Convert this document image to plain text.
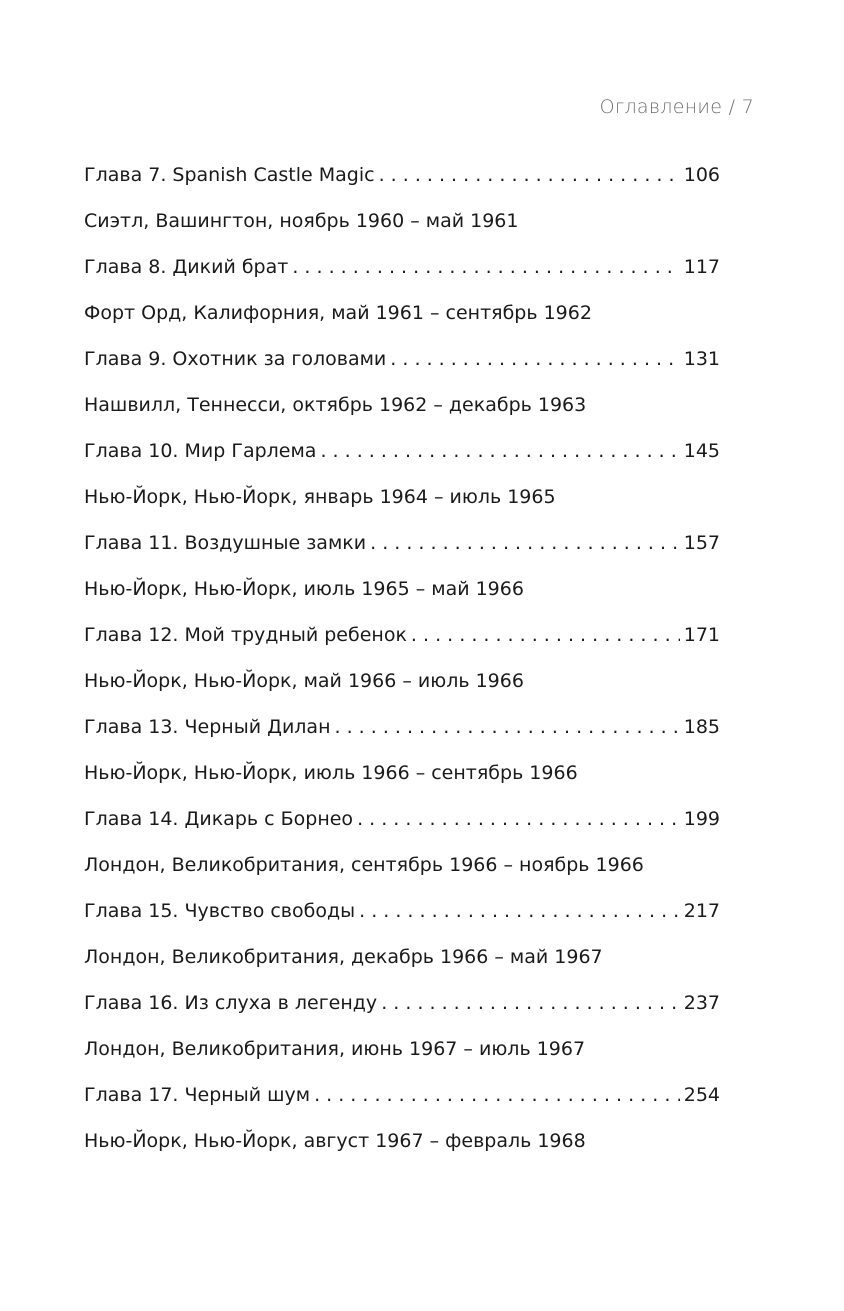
Оглавление / 7
Глава 7. Spanish Castle Magic . . .	106
Сиэтл, Вашингтон, ноябрь 1960 – май 1961
Глава 8. Дикий брат . . .	117
Форт Орд, Калифорния, май 1961 – сентябрь 1962
Глава 9. Охотник за головами . . .	131
Нашвилл, Теннесси, октябрь 1962 – декабрь 1963
Глава 10. Мир Гарлема . . .	145
Нью-Йорк, Нью-Йорк, январь 1964 – июль 1965
Глава 11. Воздушные замки . . .	157
Нью-Йорк, Нью-Йорк, июль 1965 – май 1966
Глава 12. Мой трудный ребенок . . .	171
Нью-Йорк, Нью-Йорк, май 1966 – июль 1966
Глава 13. Черный Дилан . . .	185
Нью-Йорк, Нью-Йорк, июль 1966 – сентябрь 1966
Глава 14. Дикарь с Борнео . . .	199
Лондон, Великобритания, сентябрь 1966 – ноябрь 1966
Глава 15. Чувство свободы . . .	217
Лондон, Великобритания, декабрь 1966 – май 1967
Глава 16. Из слуха в легенду . . .	237
Лондон, Великобритания, июнь 1967 – июль 1967
Глава 17. Черный шум . . .	254
Нью-Йорк, Нью-Йорк, август 1967 – февраль 1968
